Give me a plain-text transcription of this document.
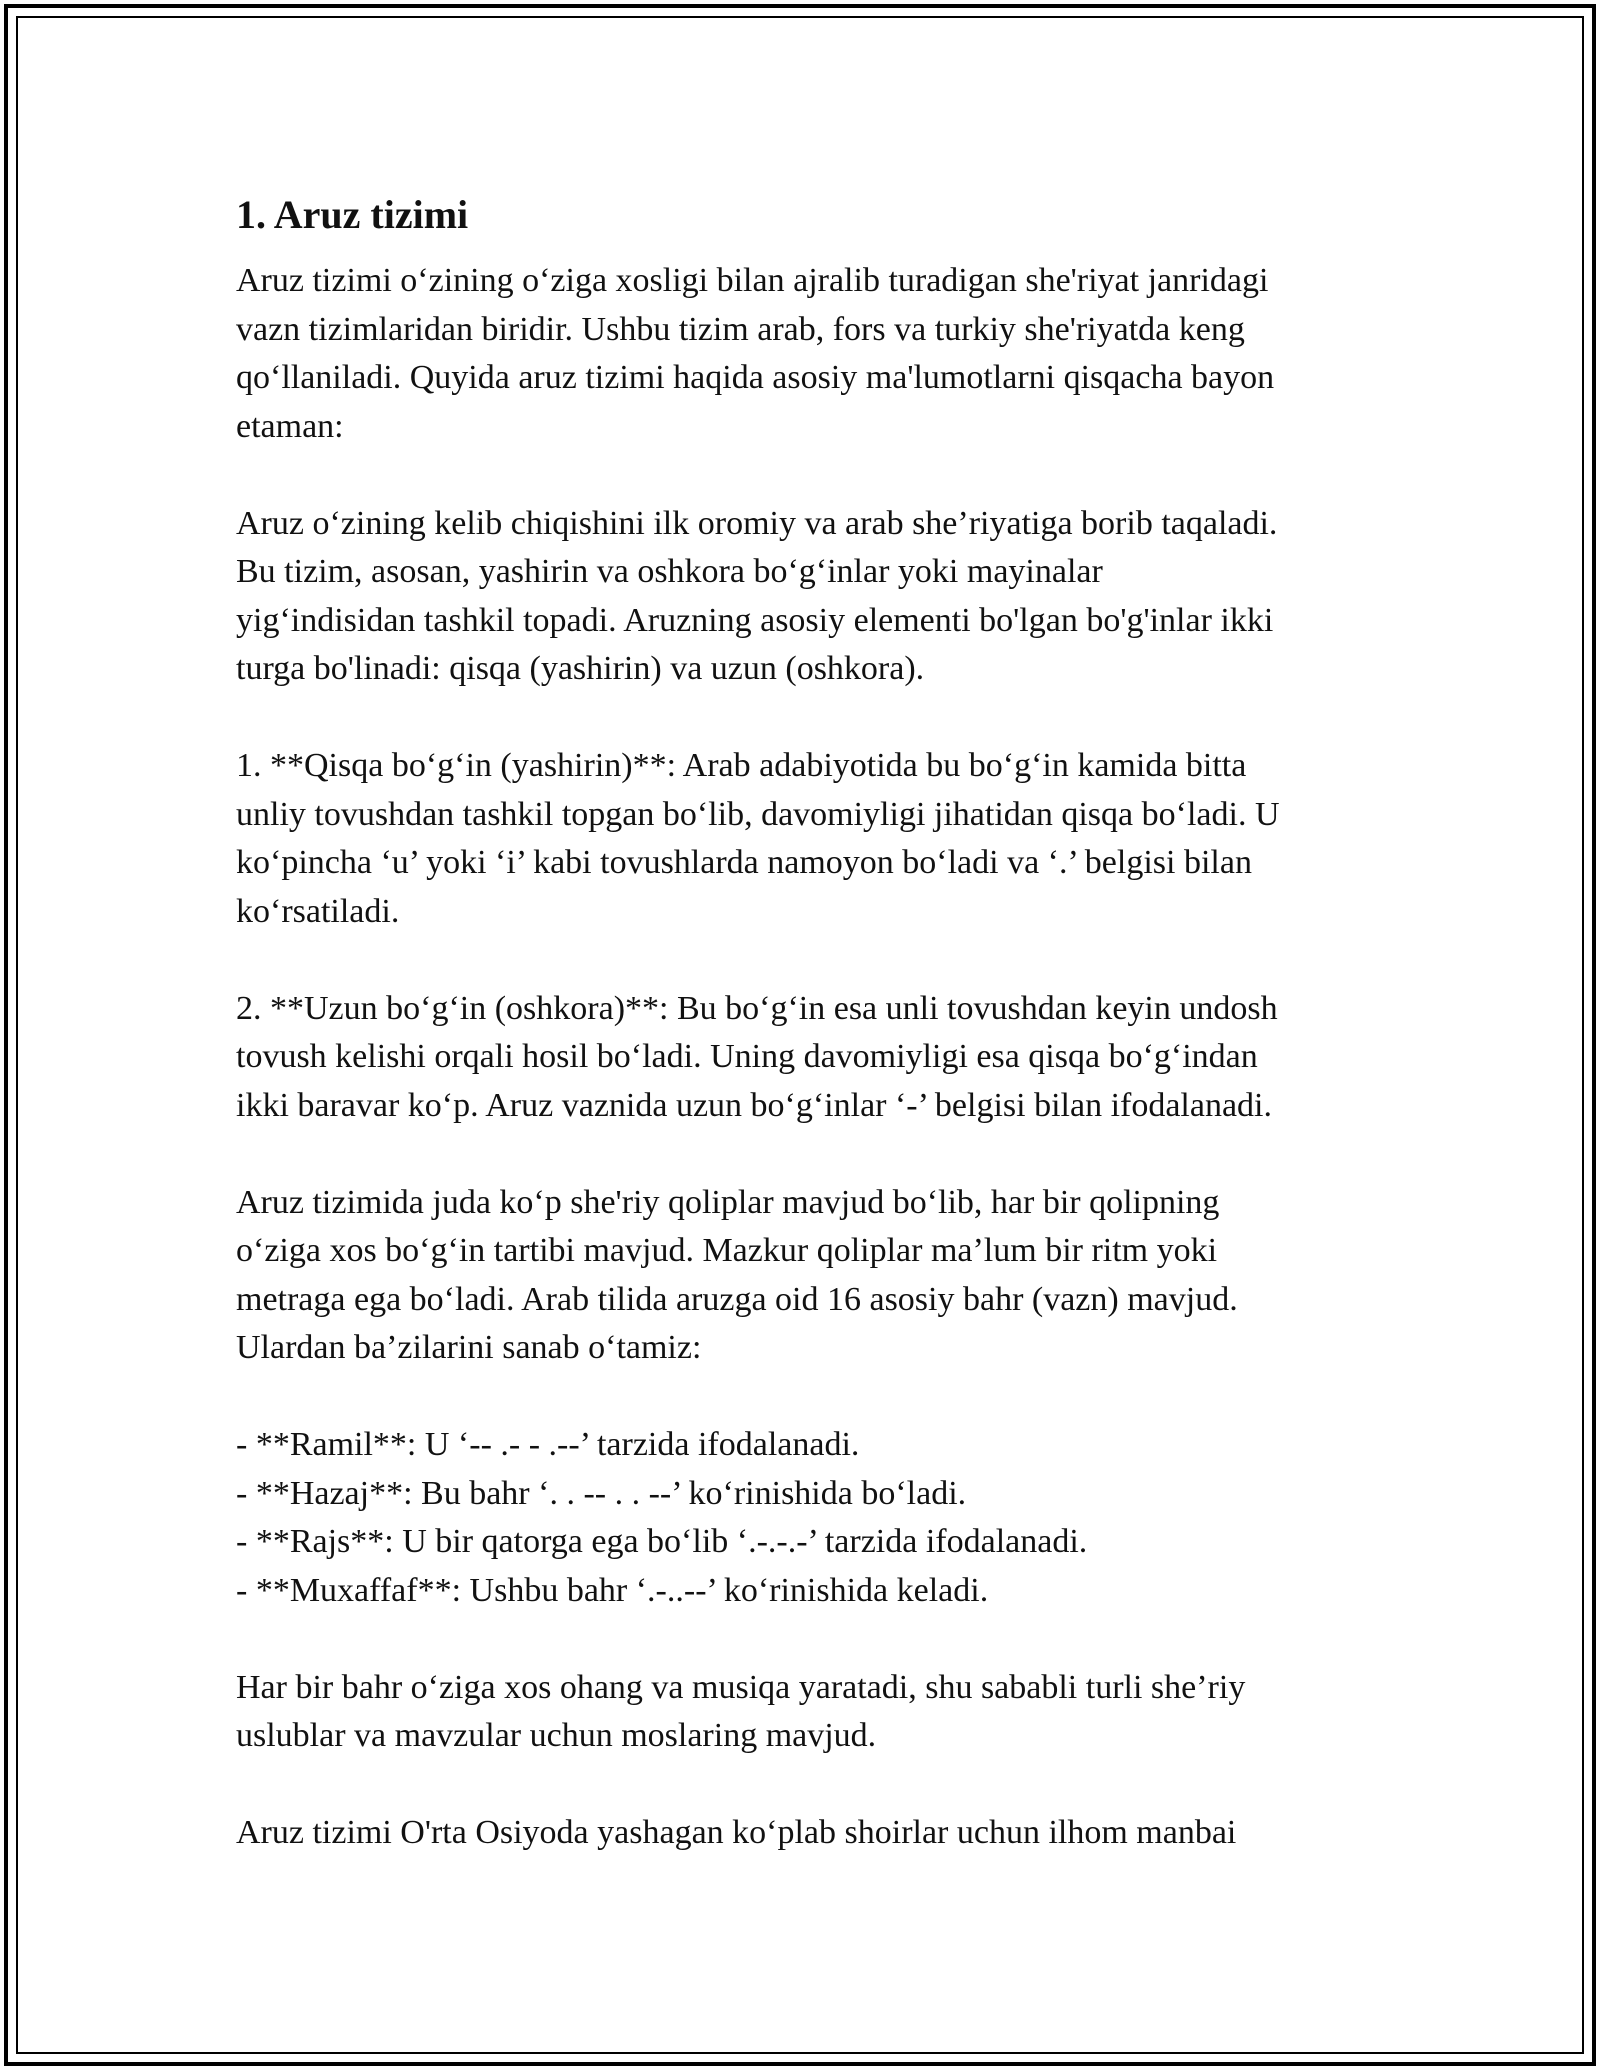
1. Aruz tizimi
Aruz tizimi o‘zining o‘ziga xosligi bilan ajralib turadigan she'riyat janridagi
vazn tizimlaridan biridir. Ushbu tizim arab, fors va turkiy she'riyatda keng
qo‘llaniladi. Quyida aruz tizimi haqida asosiy ma'lumotlarni qisqacha bayon
etaman:
Aruz o‘zining kelib chiqishini ilk oromiy va arab she’riyatiga borib taqaladi.
Bu tizim, asosan, yashirin va oshkora bo‘g‘inlar yoki mayinalar
yig‘indisidan tashkil topadi. Aruzning asosiy elementi bo'lgan bo'g'inlar ikki
turga bo'linadi: qisqa (yashirin) va uzun (oshkora).
1. **Qisqa bo‘g‘in (yashirin)**: Arab adabiyotida bu bo‘g‘in kamida bitta
unliy tovushdan tashkil topgan bo‘lib, davomiyligi jihatidan qisqa bo‘ladi. U
ko‘pincha ‘u’ yoki ‘i’ kabi tovushlarda namoyon bo‘ladi va ‘.’ belgisi bilan
ko‘rsatiladi.
2. **Uzun bo‘g‘in (oshkora)**: Bu bo‘g‘in esa unli tovushdan keyin undosh
tovush kelishi orqali hosil bo‘ladi. Uning davomiyligi esa qisqa bo‘g‘indan
ikki baravar ko‘p. Aruz vaznida uzun bo‘g‘inlar ‘-’ belgisi bilan ifodalanadi.
Aruz tizimida juda ko‘p she'riy qoliplar mavjud bo‘lib, har bir qolipning
o‘ziga xos bo‘g‘in tartibi mavjud. Mazkur qoliplar ma’lum bir ritm yoki
metraga ega bo‘ladi. Arab tilida aruzga oid 16 asosiy bahr (vazn) mavjud.
Ulardan ba’zilarini sanab o‘tamiz:
- **Ramil**: U ‘-- .- - .--’ tarzida ifodalanadi.
- **Hazaj**: Bu bahr ‘. . -- . . --’ ko‘rinishida bo‘ladi.
- **Rajs**: U bir qatorga ega bo‘lib ‘.-.-.-’ tarzida ifodalanadi.
- **Muxaffaf**: Ushbu bahr ‘.-..--’ ko‘rinishida keladi.
Har bir bahr o‘ziga xos ohang va musiqa yaratadi, shu sababli turli she’riy
uslublar va mavzular uchun moslaring mavjud.
Aruz tizimi O'rta Osiyoda yashagan ko‘plab shoirlar uchun ilhom manbai
